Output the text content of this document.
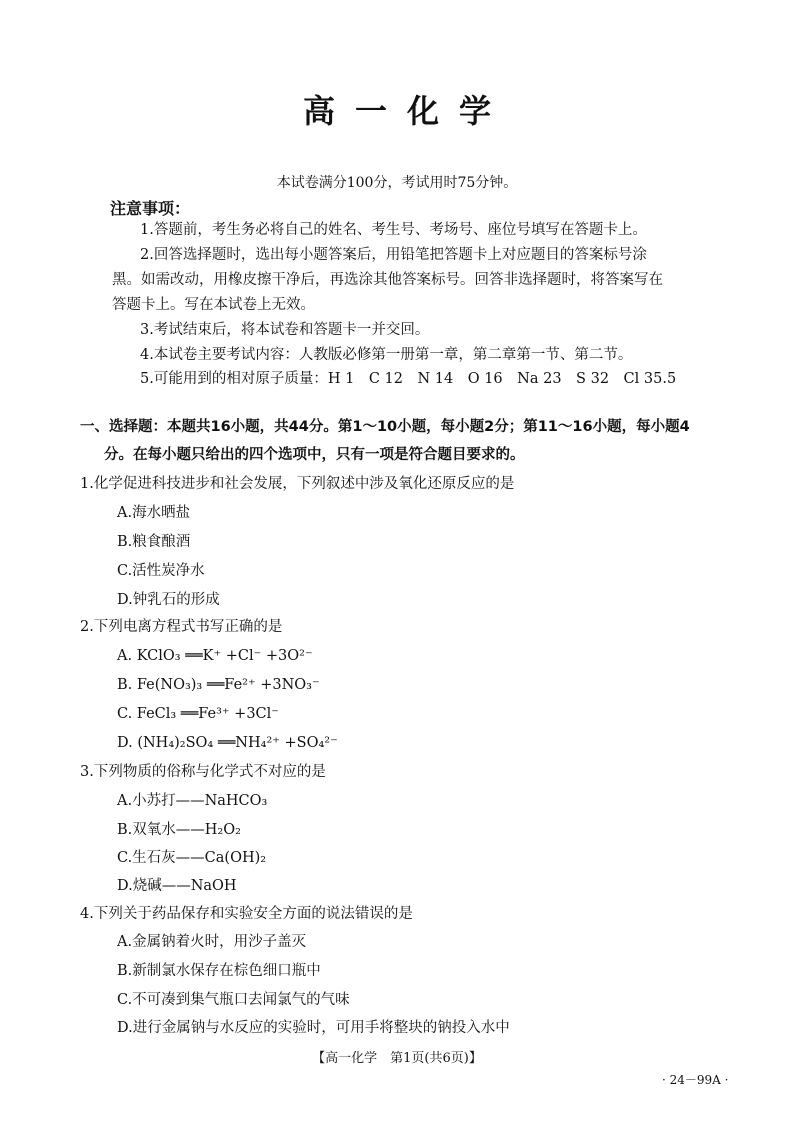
高一化学
本试卷满分100分，考试用时75分钟。
注意事项：
1.答题前，考生务必将自己的姓名、考生号、考场号、座位号填写在答题卡上。
2.回答选择题时，选出每小题答案后，用铅笔把答题卡上对应题目的答案标号涂
黑。如需改动，用橡皮擦干净后，再选涂其他答案标号。回答非选择题时，将答案写在
答题卡上。写在本试卷上无效。
3.考试结束后，将本试卷和答题卡一并交回。
4.本试卷主要考试内容：人教版必修第一册第一章，第二章第一节、第二节。
5.可能用到的相对原子质量：H 1　C 12　N 14　O 16　Na 23　S 32　Cl 35.5
一、选择题：本题共16小题，共44分。第1～10小题，每小题2分；第11～16小题，每小题4
分。在每小题只给出的四个选项中，只有一项是符合题目要求的。
1.化学促进科技进步和社会发展，下列叙述中涉及氧化还原反应的是
A.海水晒盐
B.粮食酿酒
C.活性炭净水
D.钟乳石的形成
2.下列电离方程式书写正确的是
A. KClO₃ ══K⁺ +Cl⁻ +3O²⁻
B. Fe(NO₃)₃ ══Fe²⁺ +3NO₃⁻
C. FeCl₃ ══Fe³⁺ +3Cl⁻
D. (NH₄)₂SO₄ ══NH₄²⁺ +SO₄²⁻
3.下列物质的俗称与化学式不对应的是
A.小苏打——NaHCO₃
B.双氧水——H₂O₂
C.生石灰——Ca(OH)₂
D.烧碱——NaOH
4.下列关于药品保存和实验安全方面的说法错误的是
A.金属钠着火时，用沙子盖灭
B.新制氯水保存在棕色细口瓶中
C.不可凑到集气瓶口去闻氯气的气味
D.进行金属钠与水反应的实验时，可用手将整块的钠投入水中
【高一化学　第1页(共6页)】
· 24－99A ·
